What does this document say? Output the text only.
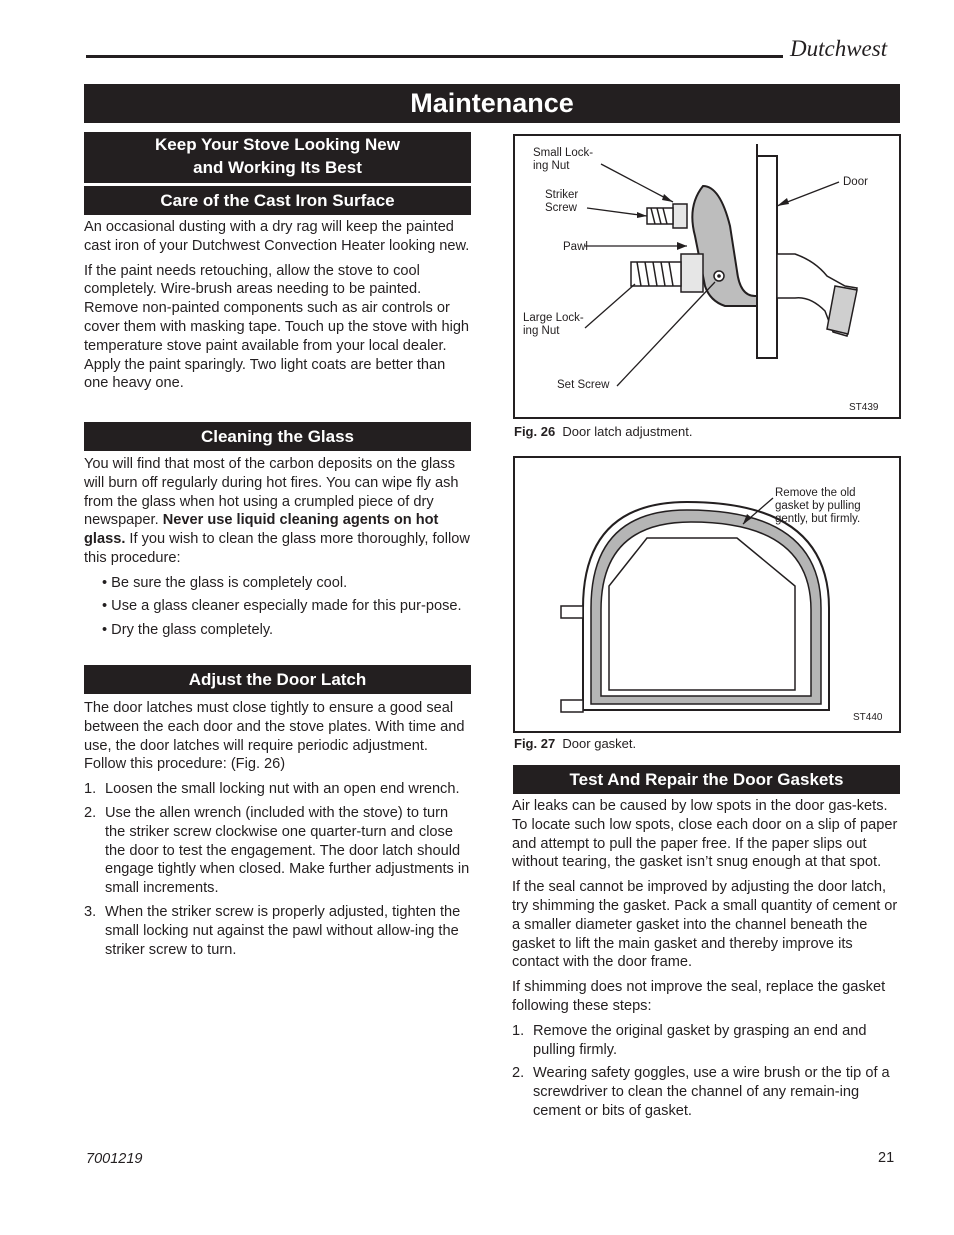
Dutchwest
Maintenance
Keep Your Stove Looking New
and Working Its Best
Care of the Cast Iron Surface

An occasional dusting with a dry rag will keep the painted cast iron of your Dutchwest Convection Heater looking new.

If the paint needs retouching, allow the stove to cool completely. Wire-brush areas needing to be painted. Remove non-painted components such as air controls or cover them with masking tape. Touch up the stove with high temperature stove paint available from your local dealer. Apply the paint sparingly. Two light coats are better than one heavy one.

Cleaning the Glass

You will find that most of the carbon deposits on the glass will burn off regularly during hot fires. You can wipe fly ash from the glass when hot using a crumpled piece of dry newspaper. Never use liquid cleaning agents on hot glass. If you wish to clean the glass more thoroughly, follow this procedure:

• Be sure the glass is completely cool.
• Use a glass cleaner especially made for this pur-pose.
• Dry the glass completely.
Adjust the Door Latch

The door latches must close tightly to ensure a good seal between the each door and the stove plates. With time and use, the door latches will require periodic adjustment. Follow this procedure: (Fig. 26)

1. Loosen the small locking nut with an open end wrench.
2. Use the allen wrench (included with the stove) to turn the striker screw clockwise one quarter-turn and close the door to test the engagement. The door latch should engage tightly when closed. Make further adjustments in small increments.
3. When the striker screw is properly adjusted, tighten the small locking nut against the pawl without allow-ing the striker screw to turn.
Small Lock-ing Nut
Striker Screw
Pawl
Large Lock-ing Nut
Set Screw
Door
ST439
Fig. 26 Door latch adjustment.
Remove the old gasket by pulling gently, but firmly.
ST440
Fig. 27 Door gasket.
Test And Repair the Door Gaskets

Air leaks can be caused by low spots in the door gas-kets. To locate such low spots, close each door on a slip of paper and attempt to pull the paper free. If the paper slips out without tearing, the gasket isn’t snug enough at that spot.

If the seal cannot be improved by adjusting the door latch, try shimming the gasket. Pack a small quantity of cement or a smaller diameter gasket into the channel beneath the gasket to lift the main gasket and thereby improve its contact with the door frame.

If shimming does not improve the seal, replace the gasket following these steps:

1. Remove the original gasket by grasping an end and pulling firmly.
2. Wearing safety goggles, use a wire brush or the tip of a screwdriver to clean the channel of any remain-ing cement or bits of gasket.
7001219	21
